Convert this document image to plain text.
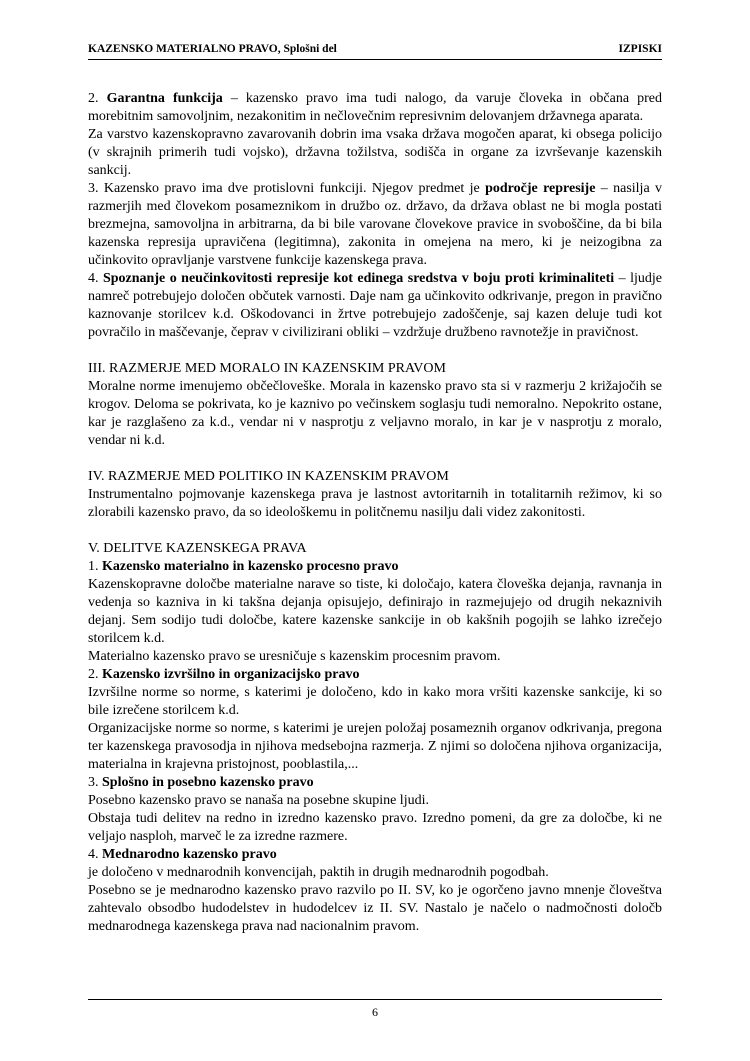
KAZENSKO MATERIALNO PRAVO, Splošni del	IZPISKI

2. Garantna funkcija – kazensko pravo ima tudi nalogo, da varuje človeka in občana pred morebitnim samovoljnim, nezakonitim in nečlovečnim represivnim delovanjem državnega aparata.

Za varstvo kazenskopravno zavarovanih dobrin ima vsaka država mogočen aparat, ki obsega policijo (v skrajnih primerih tudi vojsko), državna tožilstva, sodišča in organe za izvrševanje kazenskih sankcij.

3. Kazensko pravo ima dve protislovni funkciji. Njegov predmet je področje represije – nasilja v razmerjih med človekom posameznikom in družbo oz. državo, da država oblast ne bi mogla postati brezmejna, samovoljna in arbitrarna, da bi bile varovane človekove pravice in svoboščine, da bi bila kazenska represija upravičena (legitimna), zakonita in omejena na mero, ki je neizogibna za učinkovito opravljanje varstvene funkcije kazenskega prava.

4. Spoznanje o neučinkovitosti represije kot edinega sredstva v boju proti kriminaliteti – ljudje namreč potrebujejo določen občutek varnosti. Daje nam ga učinkovito odkrivanje, pregon in pravično kaznovanje storilcev k.d. Oškodovanci in žrtve potrebujejo zadoščenje, saj kazen deluje tudi kot povračilo in maščevanje, čeprav v civilizirani obliki – vzdržuje družbeno ravnotežje in pravičnost.

III. RAZMERJE MED MORALO IN KAZENSKIM PRAVOM

Moralne norme imenujemo občečloveške. Morala in kazensko pravo sta si v razmerju 2 križajočih se krogov. Deloma se pokrivata, ko je kaznivo po večinskem soglasju tudi nemoralno. Nepokrito ostane, kar je razglašeno za k.d., vendar ni v nasprotju z veljavno moralo, in kar je v nasprotju z moralo, vendar ni k.d.

IV. RAZMERJE MED POLITIKO IN KAZENSKIM PRAVOM

Instrumentalno pojmovanje kazenskega prava je lastnost avtoritarnih in totalitarnih režimov, ki so zlorabili kazensko pravo, da so ideološkemu in politčnemu nasilju dali videz zakonitosti.

V. DELITVE KAZENSKEGA PRAVA

1. Kazensko materialno in kazensko procesno pravo

Kazenskopravne določbe materialne narave so tiste, ki določajo, katera človeška dejanja, ravnanja in vedenja so kazniva in ki takšna dejanja opisujejo, definirajo in razmejujejo od drugih nekaznivih dejanj. Sem sodijo tudi določbe, katere kazenske sankcije in ob kakšnih pogojih se lahko izrečejo storilcem k.d.

Materialno kazensko pravo se uresničuje s kazenskim procesnim pravom.

2. Kazensko izvršilno in organizacijsko pravo

Izvršilne norme so norme, s katerimi je določeno, kdo in kako mora vršiti kazenske sankcije, ki so bile izrečene storilcem k.d.

Organizacijske norme so norme, s katerimi je urejen položaj posameznih organov odkrivanja, pregona ter kazenskega pravosodja in njihova medsebojna razmerja. Z njimi so določena njihova organizacija, materialna in krajevna pristojnost, pooblastila,...

3. Splošno in posebno kazensko pravo

Posebno kazensko pravo se nanaša na posebne skupine ljudi.

Obstaja tudi delitev na redno in izredno kazensko pravo. Izredno pomeni, da gre za določbe, ki ne veljajo nasploh, marveč le za izredne razmere.

4. Mednarodno kazensko pravo

je določeno v mednarodnih konvencijah, paktih in drugih mednarodnih pogodbah.

Posebno se je mednarodno kazensko pravo razvilo po II. SV, ko je ogorčeno javno mnenje človeštva zahtevalo obsodbo hudodelstev in hudodelcev iz II. SV. Nastalo je načelo o nadmočnosti določb mednarodnega kazenskega prava nad nacionalnim pravom.

6
